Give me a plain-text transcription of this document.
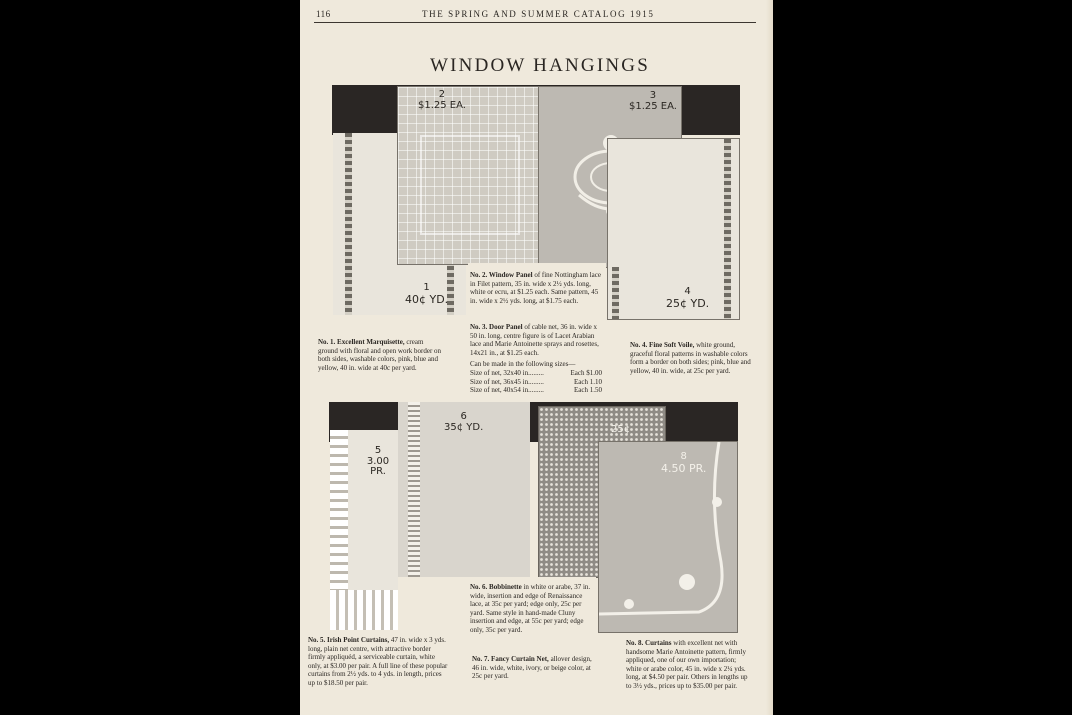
116	THE SPRING AND SUMMER CATALOG 1915
WINDOW HANGINGS
1
40¢ YD.
2
$1.25 EA.
3
$1.25 EA.
4
25¢ YD.
No. 1. Excellent Marquisette, cream ground with floral and open work border on both sides, washable colors, pink, blue and yellow, 40 in. wide at 40c per yard.
No. 2. Window Panel of fine Nottingham lace in Filet pattern, 35 in. wide x 2½ yds. long, white or ecru, at $1.25 each. Same pattern, 45 in. wide x 2½ yds. long, at $1.75 each.
No. 3. Door Panel of cable net, 36 in. wide x 50 in. long, centre figure is of Lacet Arabian lace and Marie Antoinette sprays and rosettes, 14x21 in., at $1.25 each.
Can be made in the following sizes—
Size of net, 32x40 in.........	Each $1.00
Size of net, 36x45 in.........	Each 1.10
Size of net, 40x54 in.........	Each 1.50
No. 4. Fine Soft Voile, white ground, graceful floral patterns in washable colors form a border on both sides; pink, blue and yellow, 40 in. wide, at 25c per yard.
5
3.00 PR.
6
35¢ YD.	25¢
8
4.50 PR.
No. 5. Irish Point Curtains, 47 in. wide x 3 yds. long, plain net centre, with attractive border firmly appliquéd, a serviceable curtain, white only, at $3.00 per pair. A full line of these popular curtains from 2½ yds. to 4 yds. in length, prices up to $18.50 per pair.
No. 6. Bobbinette in white or arabe, 37 in. wide, insertion and edge of Renaissance lace, at 35c per yard; edge only, 25c per yard. Same style in hand-made Cluny insertion and edge, at 55c per yard; edge only, 35c per yard.
No. 7. Fancy Curtain Net, allover design, 46 in. wide, white, ivory, or beige color, at 25c per yard.
No. 8. Curtains with excellent net with handsome Marie Antoinette pattern, firmly appliqued, one of our own importation; white or arabe color, 45 in. wide x 2¼ yds. long, at $4.50 per pair. Others in lengths up to 3½ yds., prices up to $35.00 per pair.
